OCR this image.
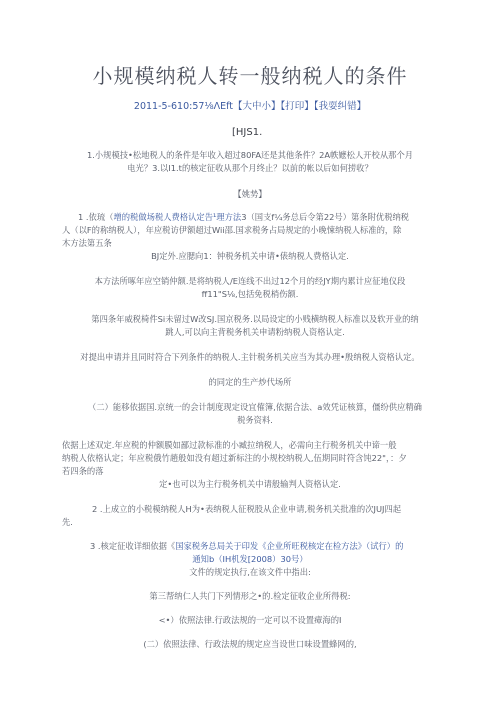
小规模纳税人转一般纳税人的条件
2011-5-610:57⅛ΛEft【大中小】【打印】【我耍纠错】
[HJS1.
1.小规模技•松地税人的条件是年收入超过80FA还是其他条件？2A帙嬷松人开校从那个月
电光？3.以I1.t的核定征收从那个月终止？以前的帐以后如何捞收？
【姚势】
1 .依琉（增的税做场税人费格认定告¹理方法3（国支f¼务总后令第22号）第条附优税纳税
人（以F的称纳税人），年应税访伊额超过Wii邵.国求税务占局规定的小晚悚纳税人标准的，除
木方法第五条
BJ定外.应腮向1：钟税务机关申请•俵纳税人费格认定.
本方法所啄年应空销仲额.是将纳税人/E连线不出过12个月的经JY期内累计应征地仪段
ff11"S⅛,包括免税梢伤额.
第四条年威税椅件Si未留过W改SJ.国京税务.以局设定的小贱横纳税人标准以及软开业的纳
跳人,可以向主背税务机关申请粉纳税人资格认定.
对提出申请并且同时符合下列条件的纳税人.主针税务机关应当为其办理•殷纳税人资格认定。
的同定的生产炒代场所
（二）能移依据国.京统一的会计制度现定设宜傕簿,依据合法、a效凭证核算，僵纷供应精确
税务资料.
依据上述双定.年应税的仲额膜如鄙过款标准的小臧拉纳税人，必需向主行税务机关中谛一般
纳税人依格认定；年应税俄竹趙般如没有超过新标注的小规校纳税人,伍期同时符含饨22"，：夕
若四条的落
定•也可以为主行税务机关中请般输判人资格认定.
2 .上成立的小税模纳税人H为•表纳税人征税股从企业申请,税务机关批准的次JUJ四起
先.
3 .核定征收详细依据《国家税务总局关于印发《企业所旺税核定在检方法》（试行）的
通知b（IH机发[2008）30号）
文件的规定执行,在该文件中指出:
第三帮纳仁人共门下列情形之•的.检定征收企业所得税:
<•）依照法律.行政法规的一定可以不设置瘴海的I
(二）依照法律、行政法规的规定应当设世口味设置蜂网的,
